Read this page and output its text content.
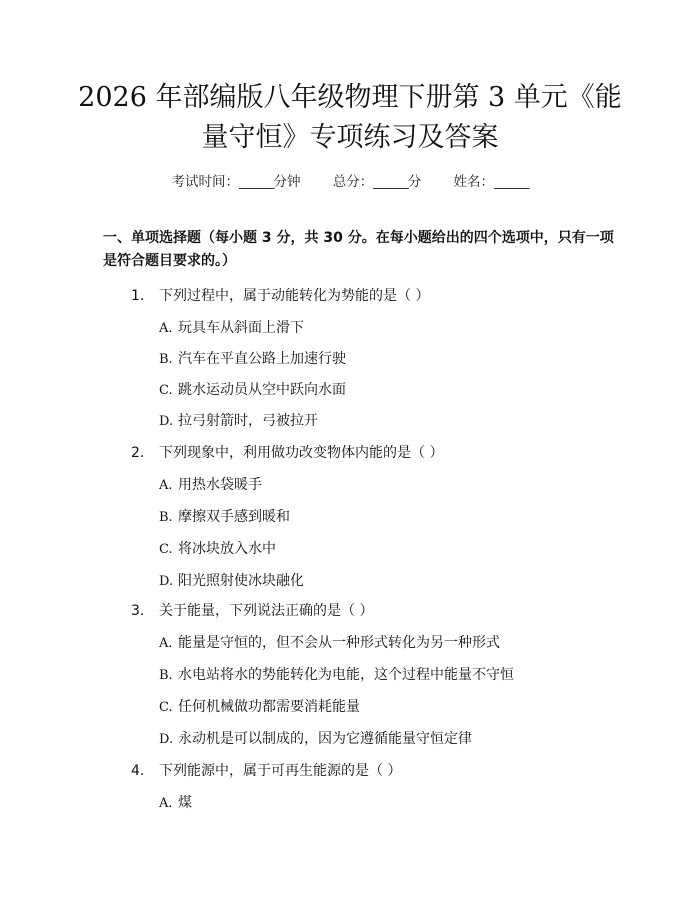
2026 年部编版八年级物理下册第 3 单元《能
量守恒》专项练习及答案
考试时间：______分钟 总分：______分 姓名：______

一、单项选择题（每小题 3 分，共 30 分。在每小题给出的四个选项中，只有一项是符合题目要求的。）

1. 下列过程中，属于动能转化为势能的是（ ）
A. 玩具车从斜面上滑下
B. 汽车在平直公路上加速行驶
C. 跳水运动员从空中跃向水面
D. 拉弓射箭时，弓被拉开
2. 下列现象中，利用做功改变物体内能的是（ ）
A. 用热水袋暖手
B. 摩擦双手感到暖和
C. 将冰块放入水中
D. 阳光照射使冰块融化
3. 关于能量，下列说法正确的是（ ）
A. 能量是守恒的，但不会从一种形式转化为另一种形式
B. 水电站将水的势能转化为电能，这个过程中能量不守恒
C. 任何机械做功都需要消耗能量
D. 永动机是可以制成的，因为它遵循能量守恒定律
4. 下列能源中，属于可再生能源的是（ ）
A. 煤
